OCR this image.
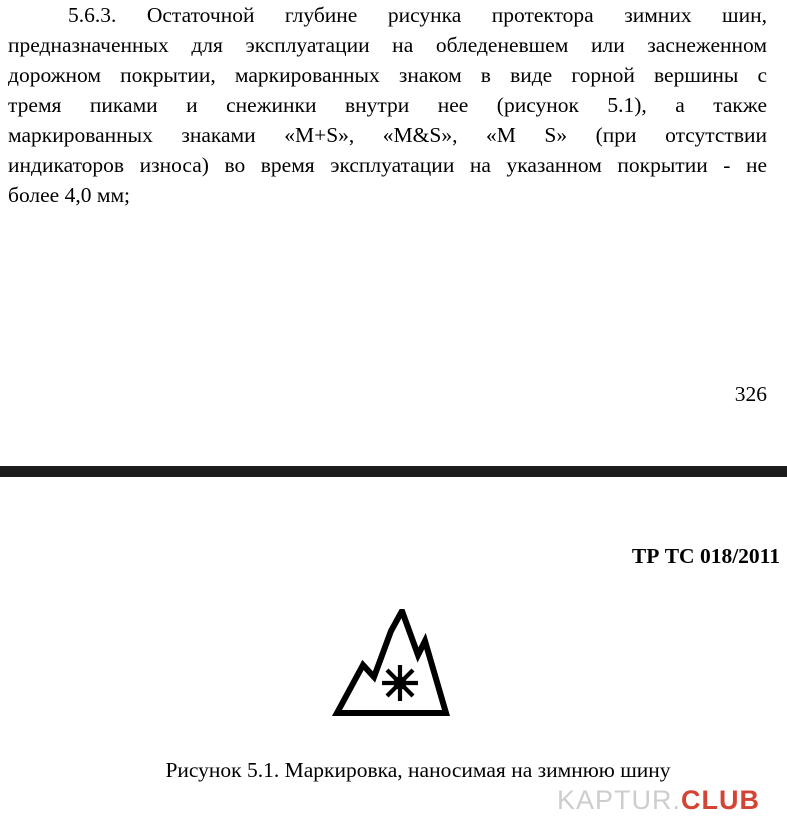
5.6.3. Остаточной глубине рисунка протектора зимних шин,
предназначенных для эксплуатации на обледеневшем или заснеженном
дорожном покрытии, маркированных знаком в виде горной вершины с
тремя пиками и снежинки внутри нее (рисунок 5.1), а также
маркированных знаками «M+S», «M&S», «M S» (при отсутствии
индикаторов износа) во время эксплуатации на указанном покрытии - не
более 4,0 мм;
326
ТР ТС 018/2011
Рисунок 5.1. Маркировка, наносимая на зимнюю шину
KAPTUR.CLUB
